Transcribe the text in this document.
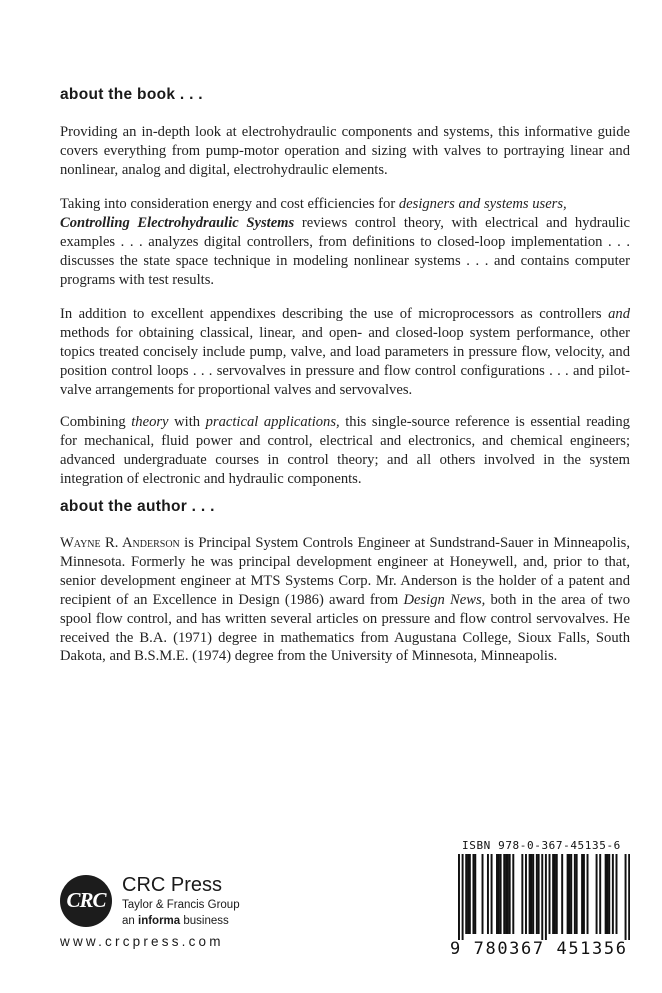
about the book . . .

Providing an in-depth look at electrohydraulic components and systems, this informative guide covers everything from pump-motor operation and sizing with valves to portraying linear and nonlinear, analog and digital, electrohydraulic elements.

Taking into consideration energy and cost efficiencies for designers and systems users,
Controlling Electrohydraulic Systems reviews control theory, with electrical and hydraulic examples . . . analyzes digital controllers, from definitions to closed-loop implementation . . . discusses the state space technique in modeling nonlinear systems . . . and contains computer programs with test results.

In addition to excellent appendixes describing the use of microprocessors as controllers and methods for obtaining classical, linear, and open- and closed-loop system performance, other topics treated concisely include pump, valve, and load parameters in pressure flow, velocity, and position control loops . . . servovalves in pressure and flow control configurations . . . and pilot-valve arrangements for proportional valves and servovalves.

Combining theory with practical applications, this single-source reference is essential reading for mechanical, fluid power and control, electrical and electronics, and chemical engineers; advanced undergraduate courses in control theory; and all others involved in the system integration of electronic and hydraulic components.

about the author . . .

Wayne R. Anderson is Principal System Controls Engineer at Sundstrand-Sauer in Minneapolis, Minnesota. Formerly he was principal development engineer at Honeywell, and, prior to that, senior development engineer at MTS Systems Corp. Mr. Anderson is the holder of a patent and recipient of an Excellence in Design (1986) award from Design News, both in the area of two spool flow control, and has written several articles on pressure and flow control servovalves. He received the B.A. (1971) degree in mathematics from Augustana College, Sioux Falls, South Dakota, and B.S.M.E. (1974) degree from the University of Minnesota, Minneapolis.

CRC
CRC Press
Taylor & Francis Group
an informa business
www.crcpress.com
ISBN 978-0-367-45135-6
9 780367 451356
